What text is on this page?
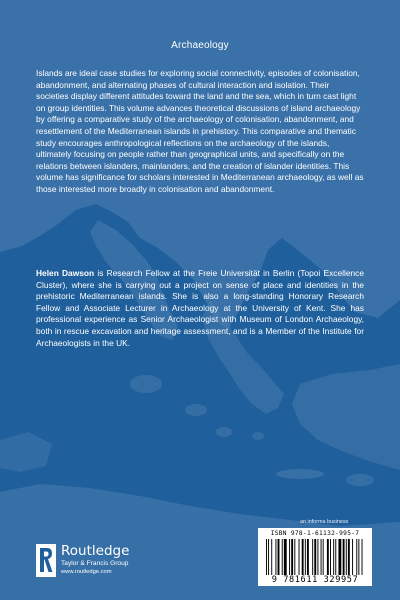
Archaeology

Islands are ideal case studies for exploring social connectivity, episodes of colonisation, abandonment, and alternating phases of cultural interaction and isolation. Their societies display different attitudes toward the land and the sea, which in turn cast light on group identities. This volume advances theoretical discussions of island archaeology by offering a comparative study of the archaeology of colonisation, abandonment, and resettlement of the Mediterranean islands in prehistory. This comparative and thematic study encourages anthropological reflections on the archaeology of the islands, ultimately focusing on people rather than geographical units, and specifically on the relations between islanders, mainlanders, and the creation of islander identities. This volume has significance for scholars interested in Mediterranean archaeology, as well as those interested more broadly in colonisation and abandonment.

Helen Dawson is Research Fellow at the Freie Universität in Berlin (Topoi Excellence Cluster), where she is carrying out a project on sense of place and identities in the prehistoric Mediterranean islands. She is also a long-standing Honorary Research Fellow and Associate Lecturer in Archaeology at the University of Kent. She has professional experience as Senior Archaeologist with Museum of London Archaeology, both in rescue excavation and heritage assessment, and is a Member of the Institute for Archaeologists in the UK.

Routledge
Taylor & Francis Group
www.routledge.com
an informa business
ISBN 978-1-61132-995-7
9 781611 329957
